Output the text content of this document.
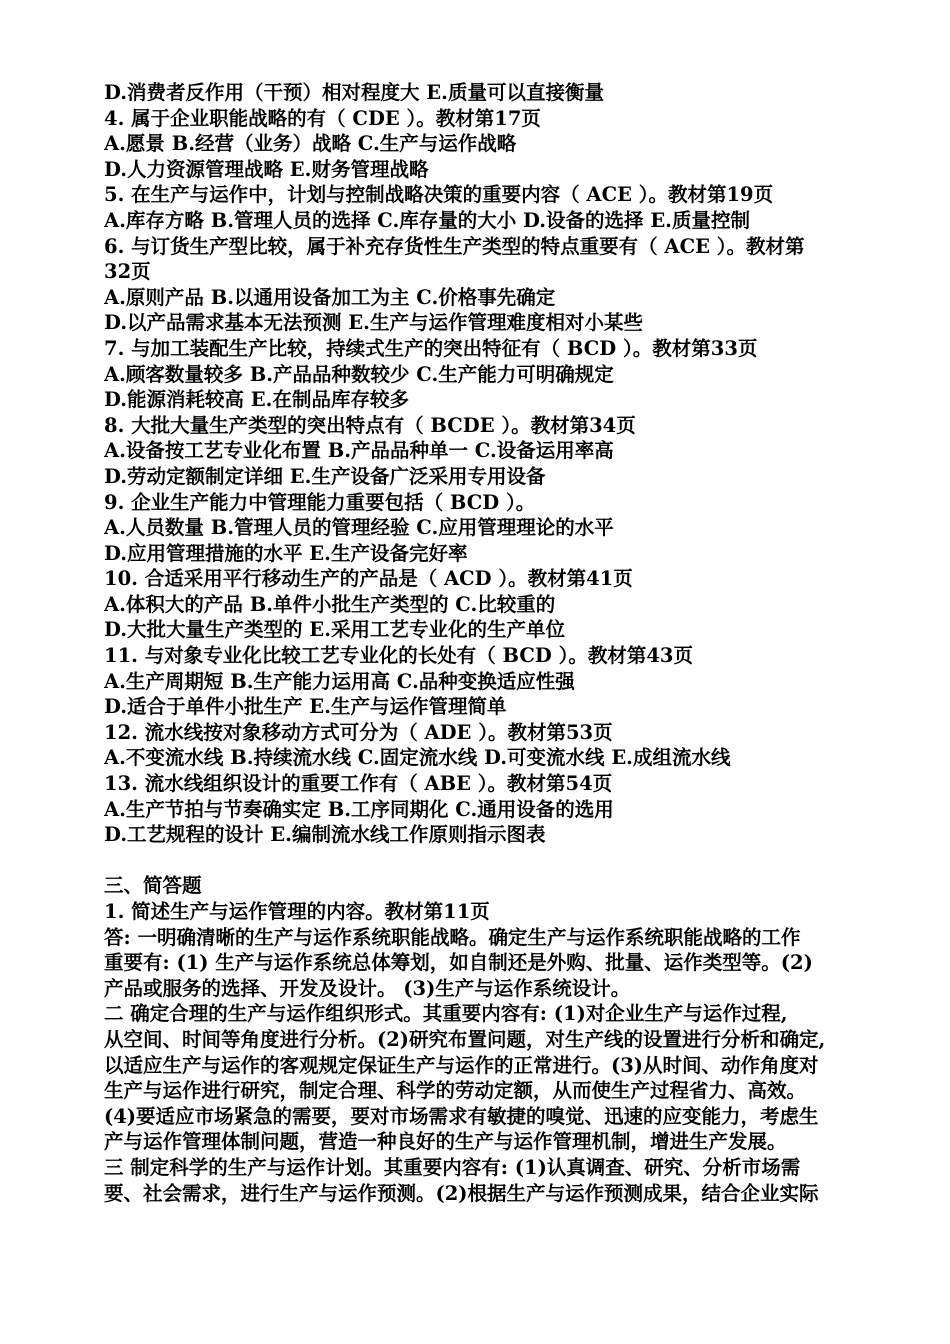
D.消费者反作用（干预）相对程度大 E.质量可以直接衡量
4. 属于企业职能战略的有（ CDE ）。教材第17页
A.愿景 B.经营（业务）战略 C.生产与运作战略
D.人力资源管理战略 E.财务管理战略
5. 在生产与运作中，计划与控制战略决策的重要内容（ ACE ）。教材第19页
A.库存方略 B.管理人员的选择 C.库存量的大小 D.设备的选择 E.质量控制
6. 与订货生产型比较，属于补充存货性生产类型的特点重要有（ ACE ）。教材第
32页
A.原则产品 B.以通用设备加工为主 C.价格事先确定
D.以产品需求基本无法预测 E.生产与运作管理难度相对小某些
7. 与加工装配生产比较，持续式生产的突出特征有（ BCD ）。教材第33页
A.顾客数量较多 B.产品品种数较少 C.生产能力可明确规定
D.能源消耗较高 E.在制品库存较多
8. 大批大量生产类型的突出特点有（ BCDE ）。教材第34页
A.设备按工艺专业化布置 B.产品品种单一 C.设备运用率高
D.劳动定额制定详细 E.生产设备广泛采用专用设备
9. 企业生产能力中管理能力重要包括（ BCD ）。
A.人员数量 B.管理人员的管理经验 C.应用管理理论的水平
D.应用管理措施的水平 E.生产设备完好率
10. 合适采用平行移动生产的产品是（ ACD ）。教材第41页
A.体积大的产品 B.单件小批生产类型的 C.比较重的
D.大批大量生产类型的 E.采用工艺专业化的生产单位
11. 与对象专业化比较工艺专业化的长处有（ BCD ）。教材第43页
A.生产周期短 B.生产能力运用高 C.品种变换适应性强
D.适合于单件小批生产 E.生产与运作管理简单
12. 流水线按对象移动方式可分为（ ADE ）。教材第53页
A.不变流水线 B.持续流水线 C.固定流水线 D.可变流水线 E.成组流水线
13. 流水线组织设计的重要工作有（ ABE ）。教材第54页
A.生产节拍与节奏确实定 B.工序同期化 C.通用设备的选用
D.工艺规程的设计 E.编制流水线工作原则指示图表
三、简答题
1. 简述生产与运作管理的内容。教材第11页
答: 一明确清晰的生产与运作系统职能战略。确定生产与运作系统职能战略的工作
重要有: (1) 生产与运作系统总体筹划，如自制还是外购、批量、运作类型等。(2)
产品或服务的选择、开发及设计。 (3)生产与运作系统设计。
二 确定合理的生产与运作组织形式。其重要内容有: (1)对企业生产与运作过程,
从空间、时间等角度进行分析。(2)研究布置问题，对生产线的设置进行分析和确定,
以适应生产与运作的客观规定保证生产与运作的正常进行。(3)从时间、动作角度对
生产与运作进行研究，制定合理、科学的劳动定额，从而使生产过程省力、高效。
(4)要适应市场紧急的需要，要对市场需求有敏捷的嗅觉、迅速的应变能力，考虑生
产与运作管理体制问题，营造一种良好的生产与运作管理机制，增进生产发展。
三 制定科学的生产与运作计划。其重要内容有: (1)认真调查、研究、分析市场需
要、社会需求，进行生产与运作预测。(2)根据生产与运作预测成果，结合企业实际
